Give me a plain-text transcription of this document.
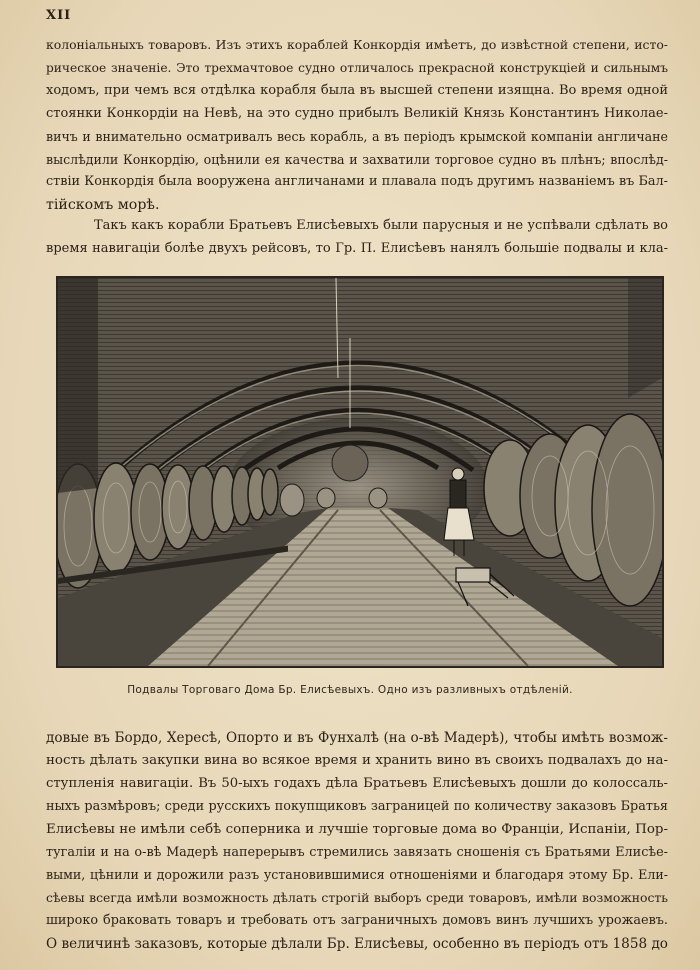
XII
колоніальныхъ товаровъ. Изъ этихъ кораблей Конкордія имѣетъ, до извѣстной степени, исто-
рическое значеніе. Это трехмачтовое судно отличалось прекрасной конструкціей и сильнымъ
ходомъ, при чемъ вся отдѣлка корабля была въ высшей степени изящна. Во время одной
стоянки Конкордіи на Невѣ, на это судно прибылъ Великій Князь Константинъ Николае-
вичъ и внимательно осматривалъ весь корабль, а въ періодъ крымской компаніи англичане
выслѣдили Конкордію, оцѣнили ея качества и захватили торговое судно въ плѣнъ; впослѣд-
ствіи Конкордія была вооружена англичанами и плавала подъ другимъ названіемъ въ Бал-
тійскомъ морѣ.
Такъ какъ корабли Братьевъ Елисѣевыхъ были парусныя и не успѣвали сдѣлать во
время навигаціи болѣе двухъ рейсовъ, то Гр. П. Елисѣевъ нанялъ большіе подвалы и кла-
Подвалы Торговаго Дома Бр. Елисѣевыхъ. Одно изъ разливныхъ отдѣленій.
довые въ Бордо, Хересѣ, Опорто и въ Фунхалѣ (на о-вѣ Мадерѣ), чтобы имѣть возмож-
ность дѣлать закупки вина во всякое время и хранить вино въ своихъ подвалахъ до на-
ступленія навигаціи. Въ 50-ыхъ годахъ дѣла Братьевъ Елисѣевыхъ дошли до колоссаль-
ныхъ размѣровъ; среди русскихъ покупщиковъ заграницей по количеству заказовъ Братья
Елисѣевы не имѣли себѣ соперника и лучшіе торговые дома во Франціи, Испаніи, Пор-
тугаліи и на о-вѣ Мадерѣ наперерывъ стремились завязать сношенія съ Братьями Елисѣе-
выми, цѣнили и дорожили разъ установившимися отношеніями и благодаря этому Бр. Ели-
сѣевы всегда имѣли возможность дѣлать строгій выборъ среди товаровъ, имѣли возможность
широко браковать товаръ и требовать отъ заграничныхъ домовъ винъ лучшихъ урожаевъ.
О величинѣ заказовъ, которые дѣлали Бр. Елисѣевы, особенно въ періодъ отъ 1858 до
